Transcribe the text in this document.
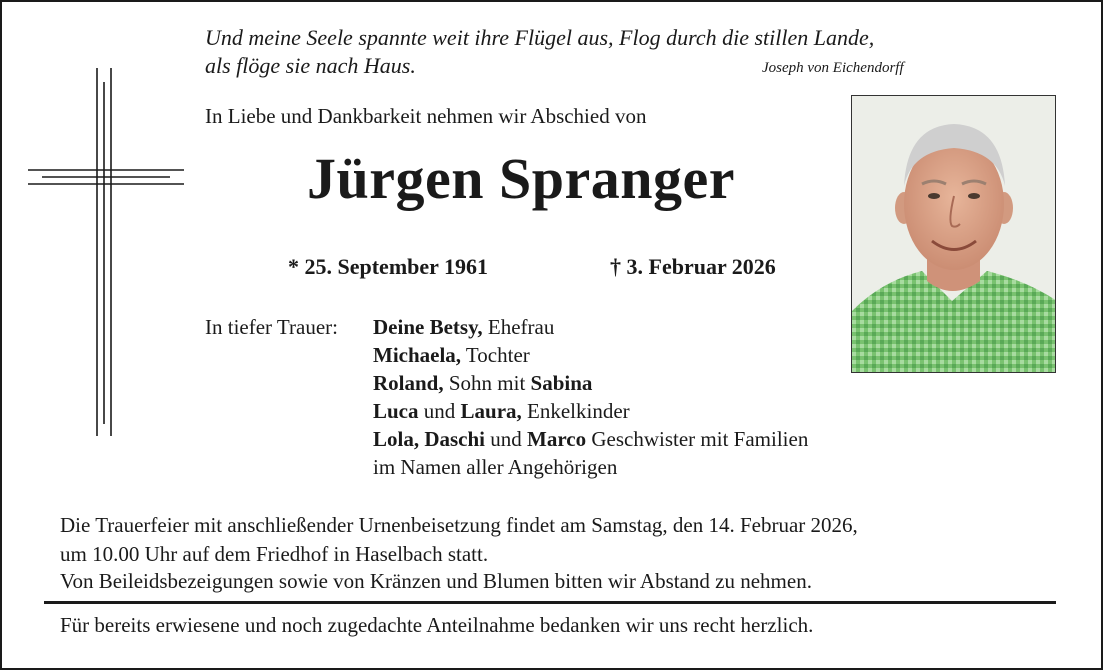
Und meine Seele spannte weit ihre Flügel aus, Flog durch die stillen Lande,
als flöge sie nach Haus.	Joseph von Eichendorff
In Liebe und Dankbarkeit nehmen wir Abschied von
Jürgen Spranger
* 25. September 1961	† 3. Februar 2026
In tiefer Trauer: Deine Betsy, Ehefrau
Michaela, Tochter
Roland, Sohn mit Sabina
Luca und Laura, Enkelkinder
Lola, Daschi und Marco Geschwister mit Familien
im Namen aller Angehörigen
Die Trauerfeier mit anschließender Urnenbeisetzung findet am Samstag, den 14. Februar 2026,
um 10.00 Uhr auf dem Friedhof in Haselbach statt.
Von Beileidsbezeigungen sowie von Kränzen und Blumen bitten wir Abstand zu nehmen.
Für bereits erwiesene und noch zugedachte Anteilnahme bedanken wir uns recht herzlich.
